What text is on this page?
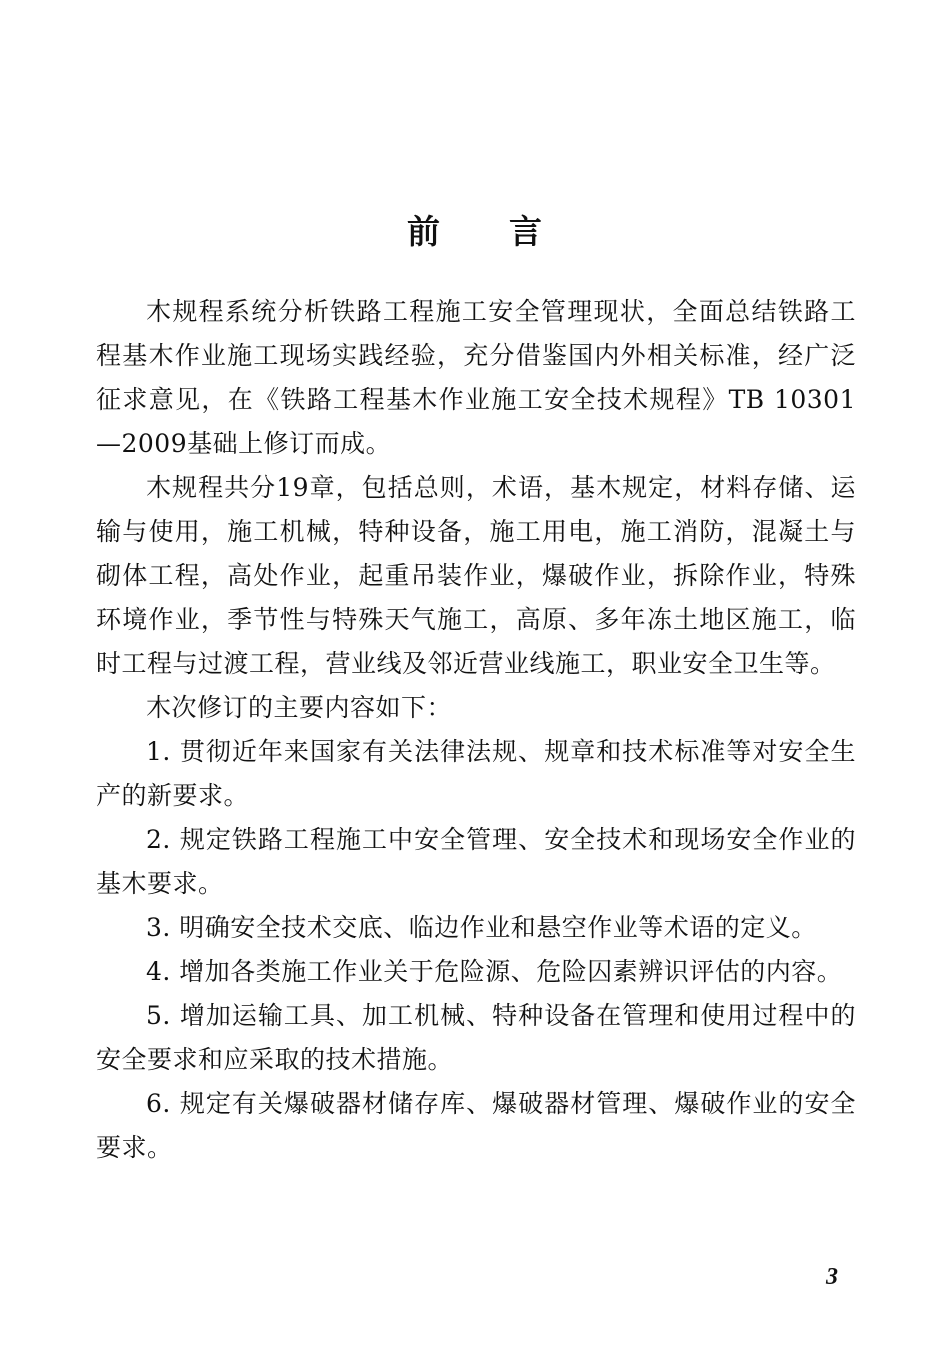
前 言

木规程系统分析铁路工程施工安全管理现状，全面总结铁路工程基木作业施工现场实践经验，充分借鉴国内外相关标准，经广泛征求意见，在《铁路工程基木作业施工安全技术规程》TB 10301—2009基础上修订而成。

木规程共分19章，包括总则，术语，基木规定，材料存储、运输与使用，施工机械，特种设备，施工用电，施工消防，混凝土与砌体工程，高处作业，起重吊装作业，爆破作业，拆除作业，特殊环境作业，季节性与特殊天气施工，高原、多年冻土地区施工，临时工程与过渡工程，营业线及邻近营业线施工，职业安全卫生等。

木次修订的主要内容如下：

1. 贯彻近年来国家有关法律法规、规章和技术标准等对安全生产的新要求。

2. 规定铁路工程施工中安全管理、安全技术和现场安全作业的基木要求。

3. 明确安全技术交底、临边作业和悬空作业等术语的定义。

4. 增加各类施工作业关于危险源、危险囚素辨识评估的内容。

5. 增加运输工具、加工机械、特种设备在管理和使用过程中的安全要求和应采取的技术措施。

6. 规定有关爆破器材储存库、爆破器材管理、爆破作业的安全要求。

3
